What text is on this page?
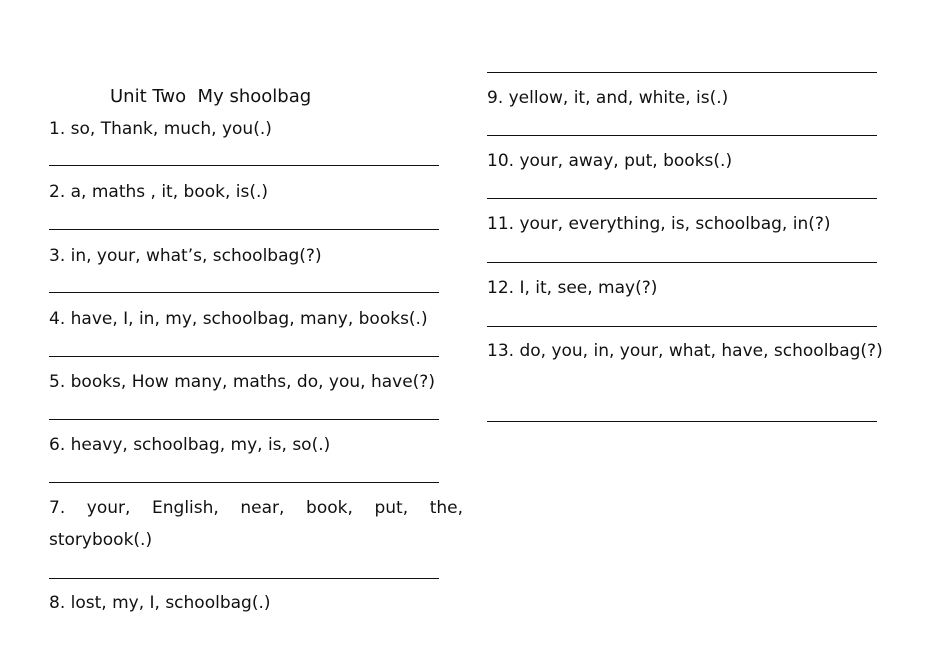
Unit Two  My shoolbag
1. so, Thank, much, you(.)
2. a, maths , it, book, is(.)
3. in, your, what’s, schoolbag(?)
4. have, I, in, my, schoolbag, many, books(.)
5. books, How many, maths, do, you, have(?)
6. heavy, schoolbag, my, is, so(.)
7. your, English, near, book, put, the, storybook(.)
8. lost, my, I, schoolbag(.)
9. yellow, it, and, white, is(.)
10. your, away, put, books(.)
11. your, everything, is, schoolbag, in(?)
12. I, it, see, may(?)
13. do, you, in, your, what, have, schoolbag(?)
